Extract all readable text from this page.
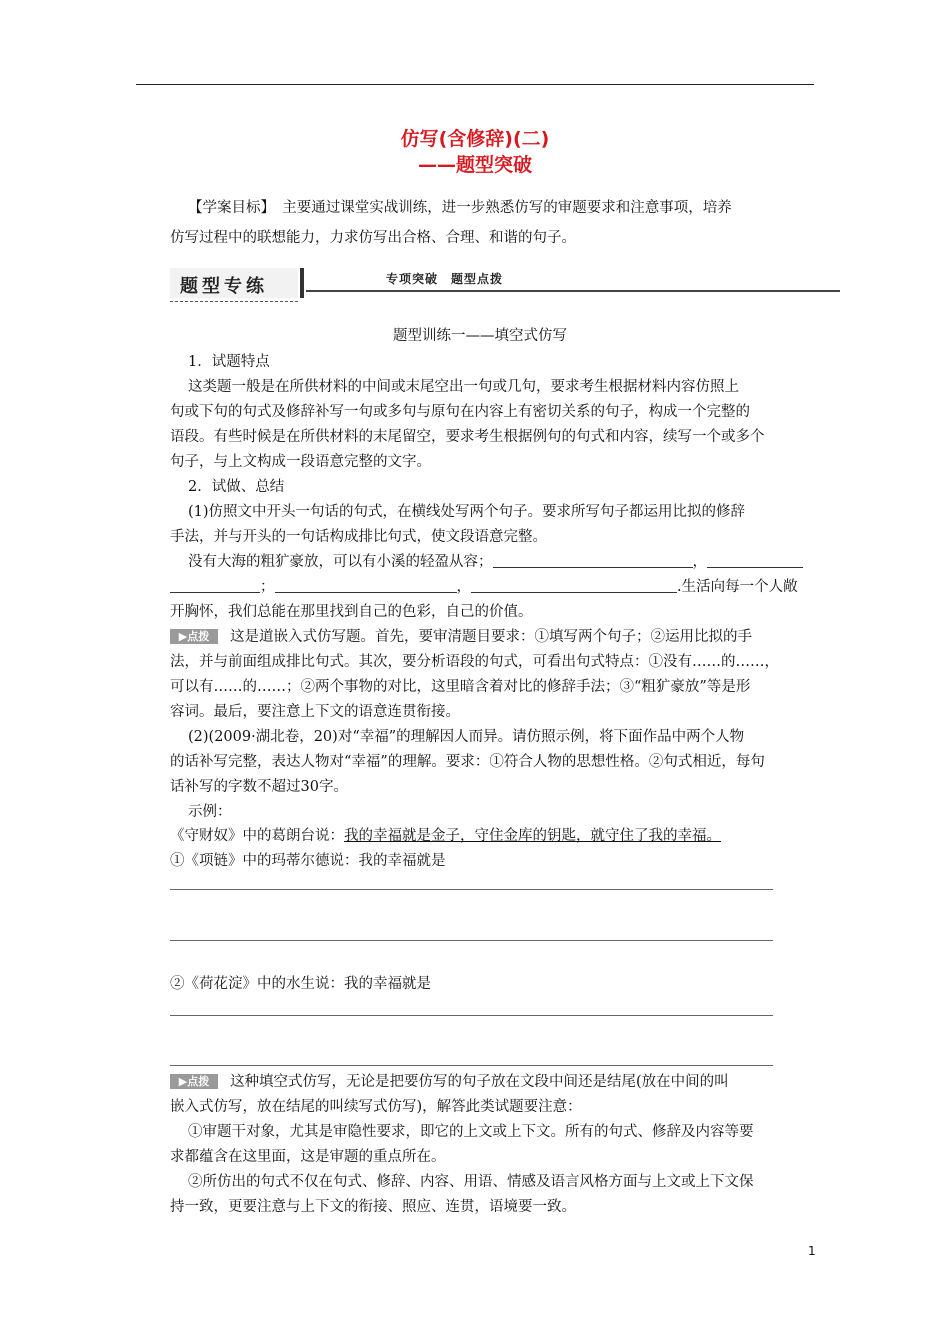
仿写(含修辞)(二)
——题型突破
【学案目标】　 主要通过课堂实战训练，进一步熟悉仿写的审题要求和注意事项，培养
仿写过程中的联想能力，力求仿写出合格、合理、和谐的句子。
题型专练	专项突破　题型点拨
题型训练一——填空式仿写
1．试题特点
这类题一般是在所供材料的中间或末尾空出一句或几句，要求考生根据材料内容仿照上
句或下句的句式及修辞补写一句或多句与原句在内容上有密切关系的句子，构成一个完整的
语段。有些时候是在所供材料的末尾留空，要求考生根据例句的句式和内容，续写一个或多个
句子，与上文构成一段语意完整的文字。
2．试做、总结
(1)仿照文中开头一句话的句式，在横线处写两个句子。要求所写句子都运用比拟的修辞
手法，并与开头的一句话构成排比句式，使文段语意完整。
没有大海的粗犷豪放，可以有小溪的轻盈从容；	，
；	，	.生活向每一个人敞
开胸怀，我们总能在那里找到自己的色彩，自己的价值。
▶点拨 这是道嵌入式仿写题。首先，要审清题目要求：①填写两个句子；②运用比拟的手
法，并与前面组成排比句式。其次，要分析语段的句式，可看出句式特点：①没有……的……，
可以有……的……；②两个事物的对比，这里暗含着对比的修辞手法；③“粗犷豪放”等是形
容词。最后，要注意上下文的语意连贯衔接。
(2)(2009·湖北卷，20)对“幸福”的理解因人而异。请仿照示例，将下面作品中两个人物
的话补写完整，表达人物对“幸福”的理解。要求：①符合人物的思想性格。②句式相近，每句
话补写的字数不超过30字。
示例：
《守财奴》中的葛朗台说：我的幸福就是金子，守住金库的钥匙，就守住了我的幸福。
①《项链》中的玛蒂尔德说：我的幸福就是
②《荷花淀》中的水生说：我的幸福就是
▶点拨 这种填空式仿写，无论是把要仿写的句子放在文段中间还是结尾(放在中间的叫
嵌入式仿写，放在结尾的叫续写式仿写)，解答此类试题要注意：
①审题干对象，尤其是审隐性要求，即它的上文或上下文。所有的句式、修辞及内容等要
求都蕴含在这里面，这是审题的重点所在。
②所仿出的句式不仅在句式、修辞、内容、用语、情感及语言风格方面与上文或上下文保
持一致，更要注意与上下文的衔接、照应、连贯，语境要一致。
1
